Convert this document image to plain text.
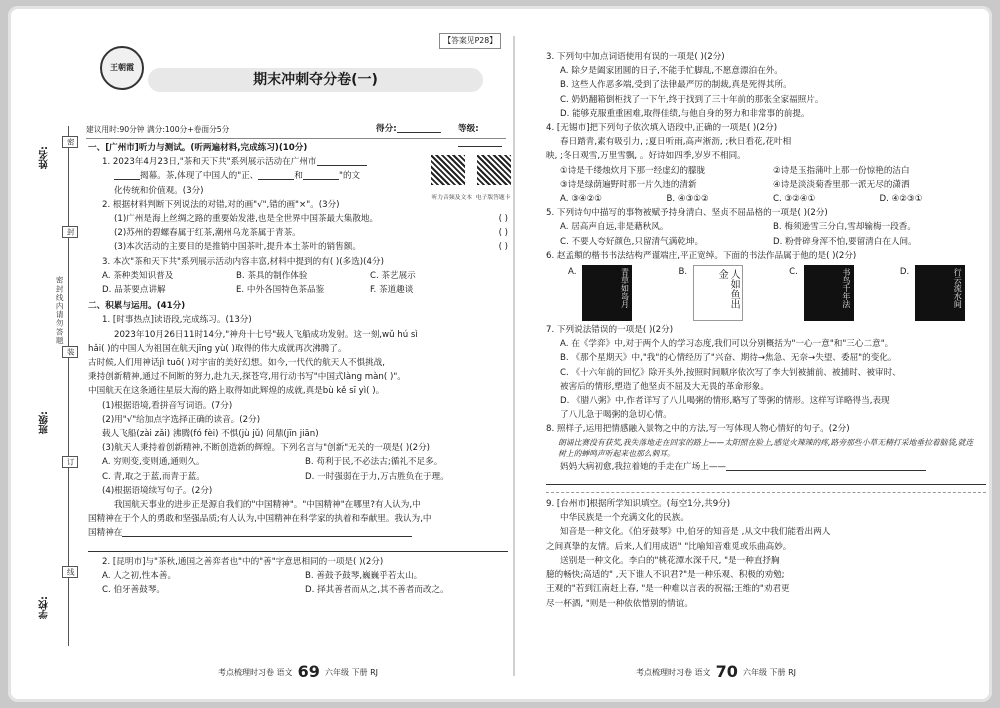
姓名:
班级:
学校:
密封线内请勿答题
密
封
装
订
线
王朝霞
【答案见P28】
期末冲刺夺分卷(一)
建议用时:90分钟 满分:100分+卷面分5分	得分:	等级:

听力音频及文本 电子版答题卡
一、[广州市]听力与测试。(听两遍材料,完成练习)(10分)
1. 2023年4月23日,"茶和天下共"系列展示活动在广州市
揭幕。茶,体现了中国人的"正、	和	"的文
化传统和价值观。(3分)
2. 根据材料判断下列说法的对错,对的画"√",错的画"×"。(3分)
(1)广州是海上丝绸之路的重要始发港,也是全世界中国茶最大集散地。	( )
(2)苏州的碧螺春属于红茶,潮州乌龙茶属于青茶。	( )
(3)本次活动的主要目的是推销中国茶叶,提升本土茶叶的销售额。	( )
3. 本次"茶和天下共"系列展示活动内容丰富,材料中提到的有( )(多选)(4分)
A. 茶种类知识普及	B. 茶具的制作体验	C. 茶艺展示
D. 品茶要点讲解	E. 中外各国特色茶品鉴	F. 茶道趣谈
二、积累与运用。(41分)
1. [时事热点]读语段,完成练习。(13分)
2023年10月26日11时14分,"神舟十七号"载人飞船成功发射。这一刻,wǔ hú sì
hǎi( )的中国人为祖国在航天jīng yù( )取得的伟大成就再次沸腾了。
古时候,人们用神话jì tuō( )对宇宙的美好幻想。如今,一代代的航天人不惧挑战,
秉持创新精神,通过不间断的努力,赴九天,探苍穹,用行动书写"中国式làng màn( )"。
中国航天在这条通往星辰大海的路上取得如此辉煌的成就,真是bù kě sī yì( )。
(1)根据语境,看拼音写词语。(7分)
(2)用"√"给加点字选择正确的读音。(2分)
载人飞船(zài zǎi) 沸腾(fó fèi) 不惧(jù jǔ) 问鼎(jīn jiān)
(3)航天人秉持着创新精神,不断创造新的辉煌。下列名言与"创新"无关的一项是( )(2分)
A. 穷则变,变则通,通则久。	B. 苟利于民,不必法古;循礼不足多。
C. 青,取之于蓝,而青于蓝。	D. 一时强弱在于力,万古胜负在于理。
(4)根据语境续写句子。(2分)
我国航天事业的进步正是源自我们的"中国精神"。"中国精神"在哪里?有人认为,中
国精神在于个人的勇敢和坚强品质;有人认为,中国精神在科学家的执着和奉献里。我认为,中
国精神在
2. [昆明市]与"茶秋,通国之善弈者也"中的"善"字意思相同的一项是( )(2分)
A. 人之初,性本善。	B. 善鼓予鼓琴,巍巍乎若太山。
C. 伯牙善鼓琴。	D. 择其善者而从之,其不善者而改之。
考点梳理时习卷 语文 69 六年级 下册 RJ
3. 下列句中加点词语使用有误的一项是( )(2分)
A. 除夕是阖家团圆的日子,不能手忙脚乱,不愿意漂泊在外。
B. 这些人作恶多端,受到了法律最严厉的制裁,真是死得其所。
C. 奶奶翻箱倒柜找了一下午,终于找到了三十年前的那张全家福照片。
D. 能够克服重重困难,取得佳绩,与他自身的努力和非常事的前提。
4. [无锡市]把下列句子依次填入语段中,正确的一项是( )(2分)
春日踏青,素有吸引力, ;夏日听雨,高声淅沥, ;秋日看花,花叶相
映, ;冬日观雪,万里雪飘, 。好诗如四季,岁岁不相同。
①诗是千缕烛炊月下那一经虚幻的朦胧	②诗是玉指蒲叶上那一份惊艳的洁白
③诗是绿荫遍野时那一片久违的清新	④诗是淡淡菊香里那一派无尽的潇洒
A. ③④②①	B. ④③①②	C. ③②④①	D. ④②③①
5. 下列诗句中描写的事物被赋予持身清白、坚贞不屈品格的一项是( )(2分)
A. 居高声自远,非是藉秋风。	B. 梅须逊雪三分白,雪却输梅一段香。
C. 不要人夸好颜色,只留清气满乾坤。	D. 粉骨碎身浑不怕,要留清白在人间。
6. 赵孟頫的楷书书法结构严谨端庄,平正宽绰。下面的书法作品属于他的是( )(2分)
A.	青草如岛月	B.	人如鱼出金	C.	书鸟千年法	D.	行云流水间
7. 下列说法错误的一项是( )(2分)
A. 在《学弈》中,对于两个人的学习态度,我们可以分别概括为"一心一意"和"三心二意"。
B. 《那个星期天》中,"我"的心情经历了"兴奋、期待→焦急、无奈→失望、委屈"的变化。
C. 《十六年前的回忆》除开头外,按照时间顺序依次写了李大钊被捕前、被捕时、被审时、
被害后的情形,塑造了他坚贞不屈及大无畏的革命形象。
D. 《腊八粥》中,作者详写了八儿喝粥的情形,略写了等粥的情形。这样写详略得当,表现
了八儿急于喝粥的急切心情。
8. 照样子,运用把情感融入景物之中的方法,写一写体现人物心情好的句子。(2分)
朗诵比赛没有获奖,我失落地走在回家的路上——太阳照在脸上,感觉火辣辣的疼,路旁那些小草无精打采地垂拉着脑袋,就连树上的蝉鸣声听起来也那么刺耳。
妈妈大病初愈,我拉着她的手走在广场上——
9. [台州市]根据所学知识填空。(每空1分,共9分)
中华民族是一个充满文化的民族。
知音是一种文化。《伯牙鼓琴》中,伯牙的知音是 ,从文中我们能看出两人
之间真挚的友情。后来,人们用成语" "比喻知音难觅或乐曲高妙。
送别是一种文化。李白的"桃花潭水深千尺, "是一种直抒胸
臆的畅快;高适的" ,天下谁人不识君?"是一种乐观、积极的劝勉;
王观的"若到江南赶上春, "是一种难以言表的祝福;王维的"劝君更
尽一杯酒, "则是一种依依惜别的情谊。
考点梳理时习卷 语文 70 六年级 下册 RJ
